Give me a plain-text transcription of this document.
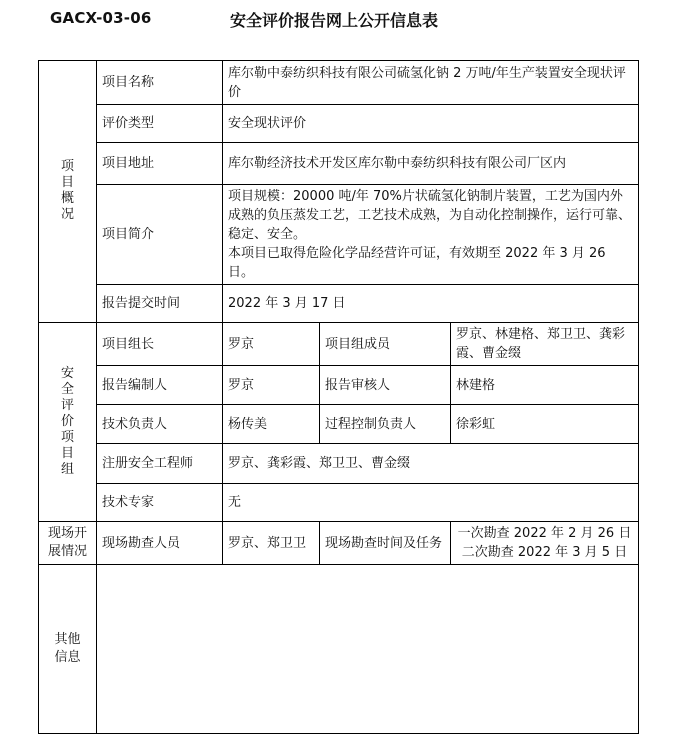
GACX-03-06	安全评价报告网上公开信息表
项目概况	项目名称	库尔勒中泰纺织科技有限公司硫氢化钠 2 万吨/年生产装置安全现状评价		
	评价类型	安全现状评价		
	项目地址	库尔勒经济技术开发区库尔勒中泰纺织科技有限公司厂区内		
	项目简介	项目规模：20000 吨/年 70%片状硫氢化钠制片装置，工艺为国内外成熟的负压蒸发工艺，工艺技术成熟，为自动化控制操作，运行可靠、稳定、安全。
本项目已取得危险化学品经营许可证，有效期至 2022 年 3 月 26 日。		

	报告提交时间	2022 年 3 月 17 日		
安全评价项目组	项目组长	罗京	项目组成员	罗京、林建格、郑卫卫、龚彩霞、曹金缀
	报告编制人	罗京	报告审核人	林建格
	技术负责人	杨传美	过程控制负责人	徐彩虹
	注册安全工程师	罗京、龚彩霞、郑卫卫、曹金缀		
	技术专家	无		
现场开展情况	现场勘查人员	罗京、郑卫卫	现场勘查时间及任务	一次勘查 2022 年 2 月 26 日
二次勘查 2022 年 3 月 5 日

其他信息				
